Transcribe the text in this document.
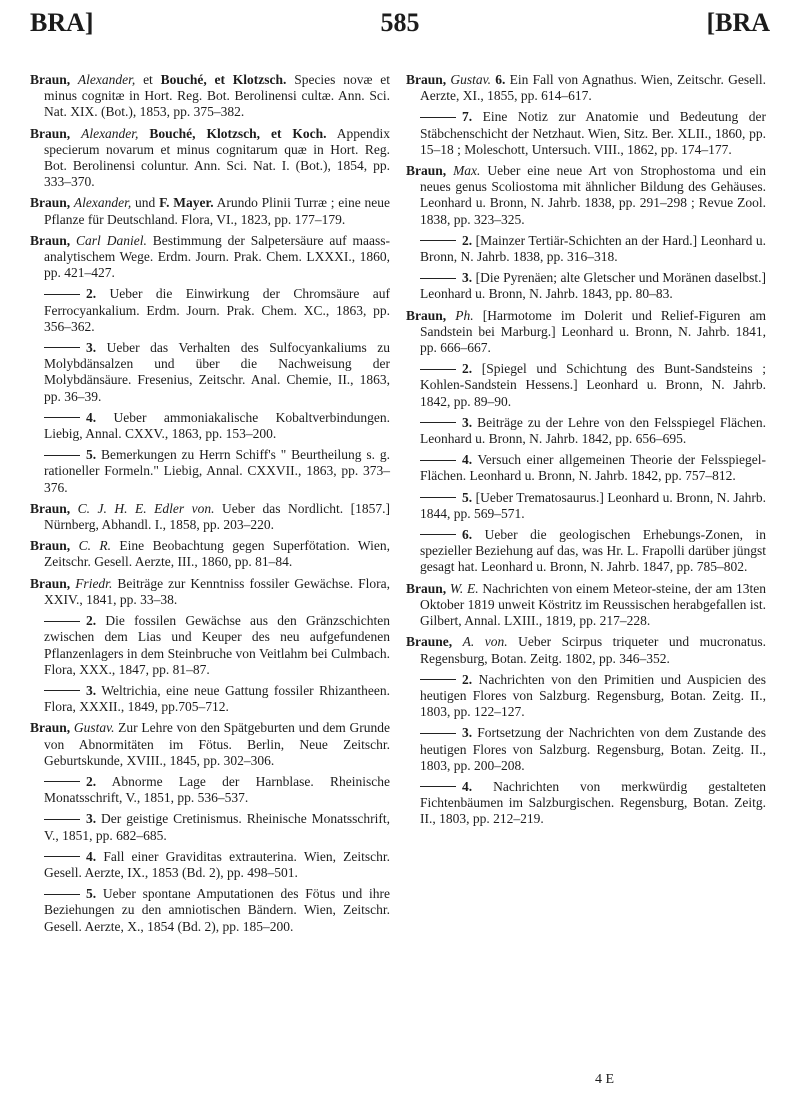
BRA]	585	[BRA

Braun, Alexander, et Bouché, et Klotzsch. Species novæ et minus cognitæ in Hort. Reg. Bot. Berolinensi cultæ. Ann. Sci. Nat. XIX. (Bot.), 1853, pp. 375–382.

Braun, Alexander, Bouché, Klotzsch, et Koch. Appendix specierum novarum et minus cognitarum quæ in Hort. Reg. Bot. Berolinensi coluntur. Ann. Sci. Nat. I. (Bot.), 1854, pp. 333–370.

Braun, Alexander, und F. Mayer. Arundo Plinii Turræ ; eine neue Pflanze für Deutschland. Flora, VI., 1823, pp. 177–179.

Braun, Carl Daniel. Bestimmung der Salpetersäure auf maass-analytischem Wege. Erdm. Journ. Prak. Chem. LXXXI., 1860, pp. 421–427.

2. Ueber die Einwirkung der Chromsäure auf Ferrocyankalium. Erdm. Journ. Prak. Chem. XC., 1863, pp. 356–362.

3. Ueber das Verhalten des Sulfocyankaliums zu Molybdänsalzen und über die Nachweisung der Molybdänsäure. Fresenius, Zeitschr. Anal. Chemie, II., 1863, pp. 36–39.

4. Ueber ammoniakalische Kobaltverbindungen. Liebig, Annal. CXXV., 1863, pp. 153–200.

5. Bemerkungen zu Herrn Schiff's " Beurtheilung s. g. rationeller Formeln." Liebig, Annal. CXXVII., 1863, pp. 373–376.

Braun, C. J. H. E. Edler von. Ueber das Nordlicht. [1857.] Nürnberg, Abhandl. I., 1858, pp. 203–220.

Braun, C. R. Eine Beobachtung gegen Superfötation. Wien, Zeitschr. Gesell. Aerzte, III., 1860, pp. 81–84.

Braun, Friedr. Beiträge zur Kenntniss fossiler Gewächse. Flora, XXIV., 1841, pp. 33–38.

2. Die fossilen Gewächse aus den Gränzschichten zwischen dem Lias und Keuper des neu aufgefundenen Pflanzenlagers in dem Steinbruche von Veitlahm bei Culmbach. Flora, XXX., 1847, pp. 81–87.

3. Weltrichia, eine neue Gattung fossiler Rhizantheen. Flora, XXXII., 1849, pp.705–712.

Braun, Gustav. Zur Lehre von den Spätgeburten und dem Grunde von Abnormitäten im Fötus. Berlin, Neue Zeitschr. Geburtskunde, XVIII., 1845, pp. 302–306.

2. Abnorme Lage der Harnblase. Rheinische Monatsschrift, V., 1851, pp. 536–537.

3. Der geistige Cretinismus. Rheinische Monatsschrift, V., 1851, pp. 682–685.

4. Fall einer Graviditas extrauterina. Wien, Zeitschr. Gesell. Aerzte, IX., 1853 (Bd. 2), pp. 498–501.

5. Ueber spontane Amputationen des Fötus und ihre Beziehungen zu den amniotischen Bändern. Wien, Zeitschr. Gesell. Aerzte, X., 1854 (Bd. 2), pp. 185–200.

Braun, Gustav. 6. Ein Fall von Agnathus. Wien, Zeitschr. Gesell. Aerzte, XI., 1855, pp. 614–617.

7. Eine Notiz zur Anatomie und Bedeutung der Stäbchenschicht der Netzhaut. Wien, Sitz. Ber. XLII., 1860, pp. 15–18 ; Moleschott, Untersuch. VIII., 1862, pp. 174–177.

Braun, Max. Ueber eine neue Art von Strophostoma und ein neues genus Scoliostoma mit ähnlicher Bildung des Gehäuses. Leonhard u. Bronn, N. Jahrb. 1838, pp. 291–298 ; Revue Zool. 1838, pp. 323–325.

2. [Mainzer Tertiär-Schichten an der Hard.] Leonhard u. Bronn, N. Jahrb. 1838, pp. 316–318.

3. [Die Pyrenäen; alte Gletscher und Moränen daselbst.] Leonhard u. Bronn, N. Jahrb. 1843, pp. 80–83.

Braun, Ph. [Harmotome im Dolerit und Relief-Figuren am Sandstein bei Marburg.] Leonhard u. Bronn, N. Jahrb. 1841, pp. 666–667.

2. [Spiegel und Schichtung des Bunt-Sandsteins ; Kohlen-Sandstein Hessens.] Leonhard u. Bronn, N. Jahrb. 1842, pp. 89–90.

3. Beiträge zu der Lehre von den Felsspiegel Flächen. Leonhard u. Bronn, N. Jahrb. 1842, pp. 656–695.

4. Versuch einer allgemeinen Theorie der Felsspiegel-Flächen. Leonhard u. Bronn, N. Jahrb. 1842, pp. 757–812.

5. [Ueber Trematosaurus.] Leonhard u. Bronn, N. Jahrb. 1844, pp. 569–571.

6. Ueber die geologischen Erhebungs-Zonen, in spezieller Beziehung auf das, was Hr. L. Frapolli darüber jüngst gesagt hat. Leonhard u. Bronn, N. Jahrb. 1847, pp. 785–802.

Braun, W. E. Nachrichten von einem Meteor-steine, der am 13ten Oktober 1819 unweit Köstritz im Reussischen herabgefallen ist. Gilbert, Annal. LXIII., 1819, pp. 217–228.

Braune, A. von. Ueber Scirpus triqueter und mucronatus. Regensburg, Botan. Zeitg. 1802, pp. 346–352.

2. Nachrichten von den Primitien und Auspicien des heutigen Flores von Salzburg. Regensburg, Botan. Zeitg. II., 1803, pp. 122–127.

3. Fortsetzung der Nachrichten von dem Zustande des heutigen Flores von Salzburg. Regensburg, Botan. Zeitg. II., 1803, pp. 200–208.

4. Nachrichten von merkwürdig gestalteten Fichtenbäumen im Salzburgischen. Regensburg, Botan. Zeitg. II., 1803, pp. 212–219.

4 E
